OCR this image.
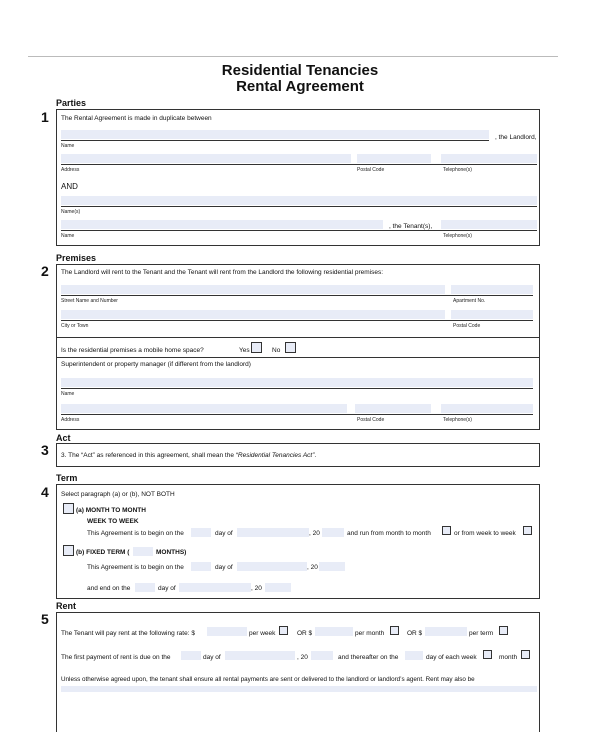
Residential Tenancies
Rental Agreement
Parties
1 The Rental Agreement is made in duplicate between
, the Landlord,
Name
Address	Postal Code	Telephone(s)
AND
Name(s)
, the Tenant(s),
Name	Telephone(s)
Premises
2 The Landlord will rent to the Tenant and the Tenant will rent from the Landlord the following residential premises:
Street Name and Number	Apartment No.
City or Town	Postal Code
Is the residential premises a mobile home space?	Yes	No
Superintendent or property manager (if different from the landlord)
Name
Address	Postal Code	Telephone(s)
Act
3 3. The “Act” as referenced in this agreement, shall mean the “Residential Tenancies Act”.
Term
4 Select paragraph (a) or (b), NOT BOTH
(a) MONTH TO MONTH
WEEK TO WEEK
This Agreement is to begin on the	day of	, 20	and run from month to month	or from week to week
(b) FIXED TERM (	MONTHS)
This Agreement is to begin on the	day of	, 20
and end on the	day of	, 20
Rent
5
The Tenant will pay rent at the following rate: $	per week	OR $	per month	OR $	per term
The first payment of rent is due on the	day of	, 20	and thereafter on the	day of each week	month
Unless otherwise agreed upon, the tenant shall ensure all rental payments are sent or delivered to the landlord or landlord’s agent. Rent may also be
